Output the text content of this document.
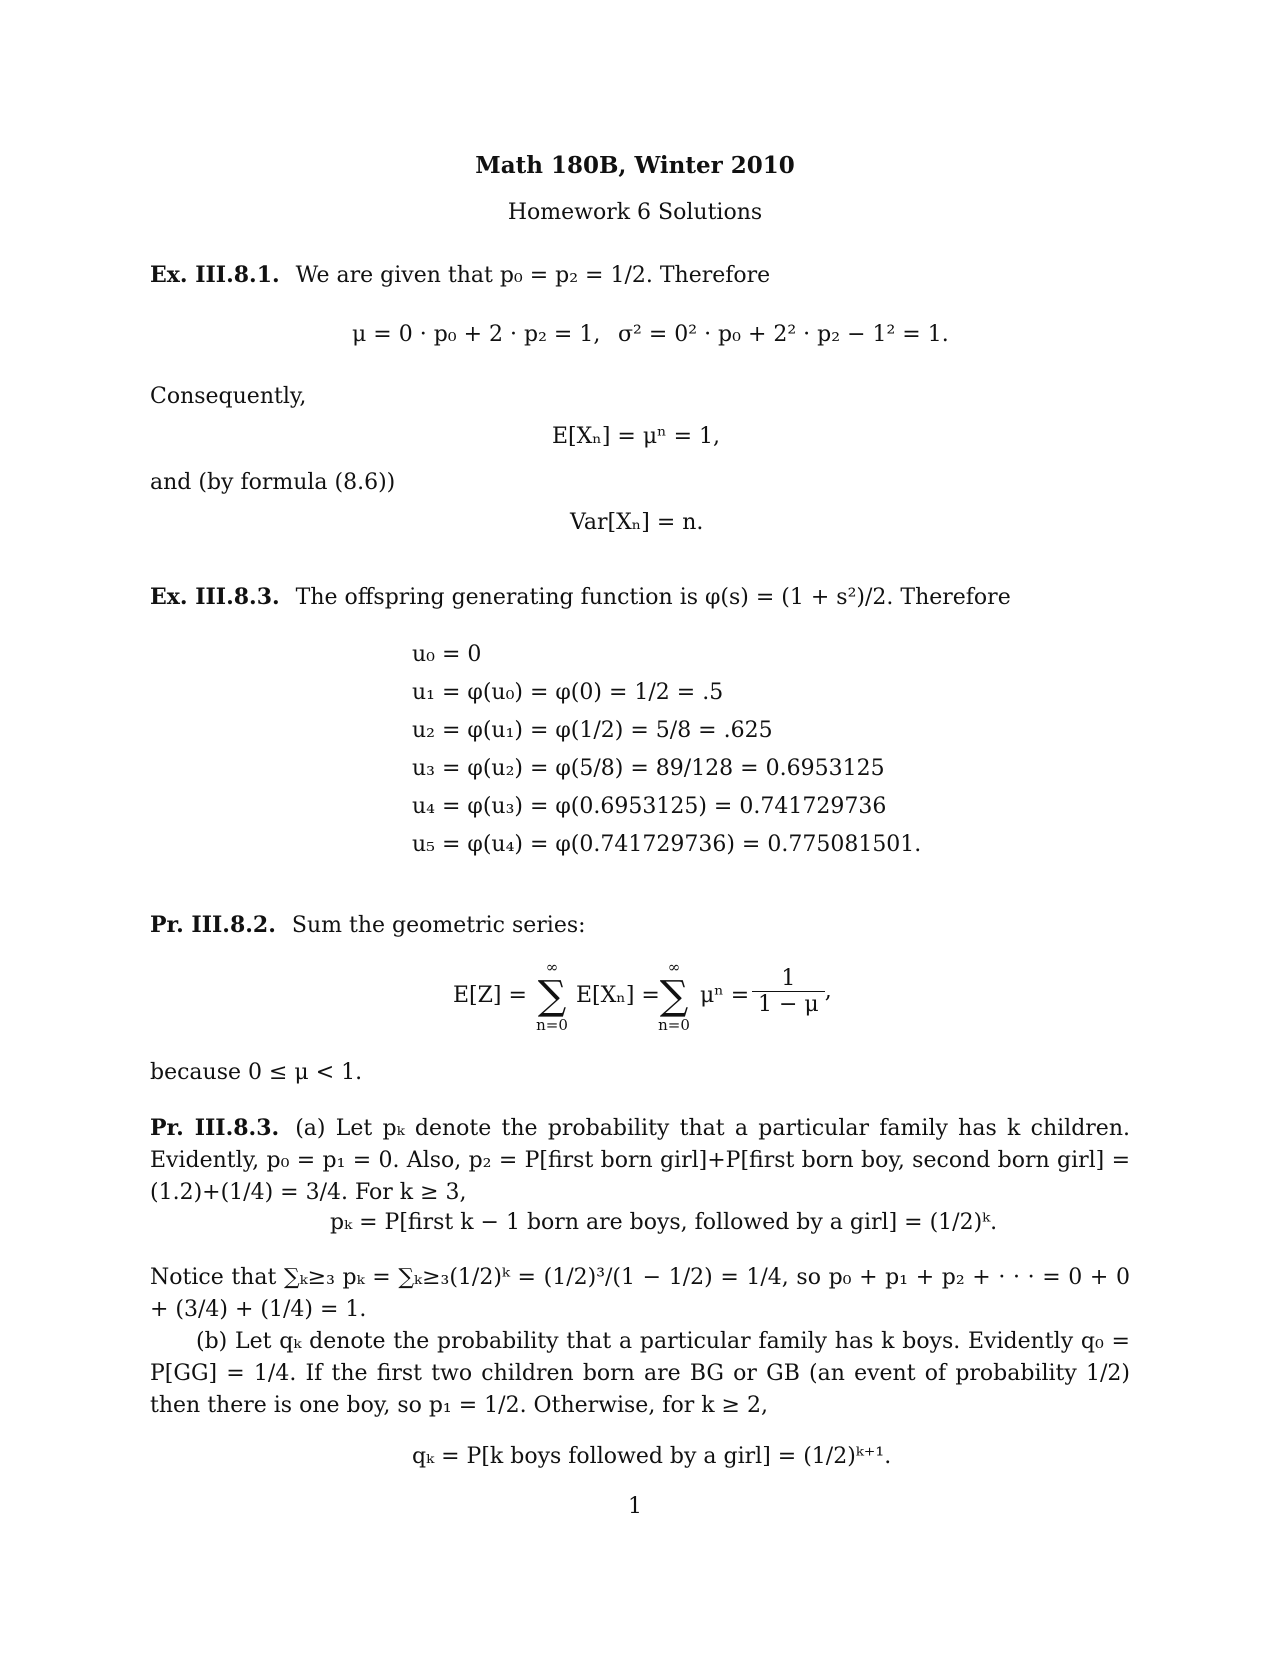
Math 180B, Winter 2010
Homework 6 Solutions
Ex. III.8.1. We are given that p₀ = p₂ = 1/2. Therefore
μ = 0 · p₀ + 2 · p₂ = 1, σ² = 0² · p₀ + 2² · p₂ − 1² = 1.
Consequently,
E[Xₙ] = μⁿ = 1,
and (by formula (8.6))
Var[Xₙ] = n.
Ex. III.8.3. The offspring generating function is φ(s) = (1 + s²)/2. Therefore
u₀ = 0
u₁ = φ(u₀) = φ(0) = 1/2 = .5
u₂ = φ(u₁) = φ(1/2) = 5/8 = .625
u₃ = φ(u₂) = φ(5/8) = 89/128 = 0.6953125
u₄ = φ(u₃) = φ(0.6953125) = 0.741729736
u₅ = φ(u₄) = φ(0.741729736) = 0.775081501.
Pr. III.8.2. Sum the geometric series:
E[Z] =
∞
∑
n=0
E[Xₙ] =
∞
∑
n=0
$\mu^n = \frac{1}{1 - \mu}$ ,
because 0 ≤ μ < 1.
Pr. III.8.3. (a) Let pₖ denote the probability that a particular family has k children. Evidently, p₀ = p₁ = 0. Also, p₂ = P[first born girl]+P[first born boy, second born girl] = (1.2)+(1/4) = 3/4. For k ≥ 3,
pₖ = P[first k − 1 born are boys, followed by a girl] = (1/2)ᵏ.
Notice that ∑ₖ≥₃ pₖ = ∑ₖ≥₃(1/2)ᵏ = (1/2)³/(1 − 1/2) = 1/4, so p₀ + p₁ + p₂ + · · · = 0 + 0 + (3/4) + (1/4) = 1.
(b) Let qₖ denote the probability that a particular family has k boys. Evidently q₀ = P[GG] = 1/4. If the first two children born are BG or GB (an event of probability 1/2) then there is one boy, so p₁ = 1/2. Otherwise, for k ≥ 2,
qₖ = P[k boys followed by a girl] = (1/2)ᵏ⁺¹.
1
